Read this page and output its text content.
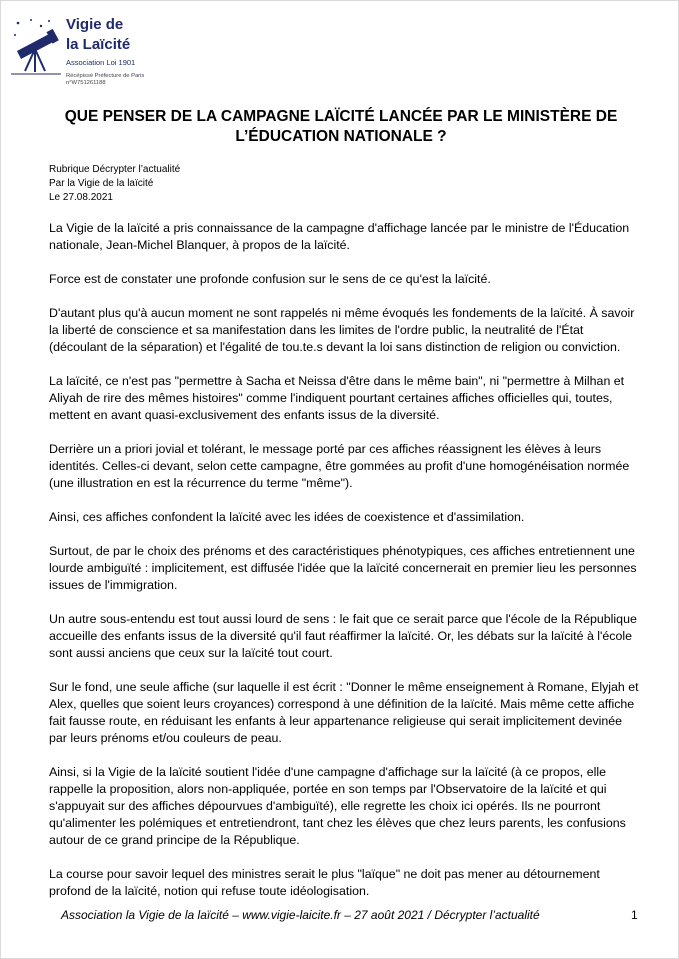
Vigie de
la Laïcité
Association Loi 1901
Récépissé Préfecture de Paris
n°W751261188
QUE PENSER DE LA CAMPAGNE LAÏCITÉ LANCÉE PAR LE MINISTÈRE DE
L’ÉDUCATION NATIONALE ?
Rubrique Décrypter l’actualité
Par la Vigie de la laïcité
Le 27.08.2021

La Vigie de la laïcité a pris connaissance de la campagne d'affichage lancée par le ministre de l'Éducation nationale, Jean-Michel Blanquer, à propos de la laïcité.

Force est de constater une profonde confusion sur le sens de ce qu'est la laïcité.

D'autant plus qu'à aucun moment ne sont rappelés ni même évoqués les fondements de la laïcité. À savoir la liberté de conscience et sa manifestation dans les limites de l'ordre public, la neutralité de l'État (découlant de la séparation) et l'égalité de tou.te.s devant la loi sans distinction de religion ou conviction.

La laïcité, ce n'est pas "permettre à Sacha et Neissa d'être dans le même bain", ni "permettre à Milhan et Aliyah de rire des mêmes histoires" comme l'indiquent pourtant certaines affiches officielles qui, toutes, mettent en avant quasi-exclusivement des enfants issus de la diversité.

Derrière un a priori jovial et tolérant, le message porté par ces affiches réassignent les élèves à leurs identités. Celles-ci devant, selon cette campagne, être gommées au profit d'une homogénéisation normée (une illustration en est la récurrence du terme "même").

Ainsi, ces affiches confondent la laïcité avec les idées de coexistence et d'assimilation.

Surtout, de par le choix des prénoms et des caractéristiques phénotypiques, ces affiches entretiennent une lourde ambiguïté : implicitement, est diffusée l'idée que la laïcité concernerait en premier lieu les personnes issues de l'immigration.

Un autre sous-entendu est tout aussi lourd de sens : le fait que ce serait parce que l'école de la République accueille des enfants issus de la diversité qu'il faut réaffirmer la laïcité. Or, les débats sur la laïcité à l'école sont aussi anciens que ceux sur la laïcité tout court.

Sur le fond, une seule affiche (sur laquelle il est écrit : "Donner le même enseignement à Romane, Elyjah et Alex, quelles que soient leurs croyances) correspond à une définition de la laïcité. Mais même cette affiche fait fausse route, en réduisant les enfants à leur appartenance religieuse qui serait implicitement devinée par leurs prénoms et/ou couleurs de peau.

Ainsi, si la Vigie de la laïcité soutient l'idée d'une campagne d'affichage sur la laïcité (à ce propos, elle rappelle la proposition, alors non-appliquée, portée en son temps par l'Observatoire de la laïcité et qui s'appuyait sur des affiches dépourvues d'ambiguïté), elle regrette les choix ici opérés. Ils ne pourront qu'alimenter les polémiques et entretiendront, tant chez les élèves que chez leurs parents, les confusions autour de ce grand principe de la République.

La course pour savoir lequel des ministres serait le plus "laïque" ne doit pas mener au détournement profond de la laïcité, notion qui refuse toute idéologisation.

Association la Vigie de la laïcité – www.vigie-laicite.fr – 27 août 2021 / Décrypter l’actualité	1
